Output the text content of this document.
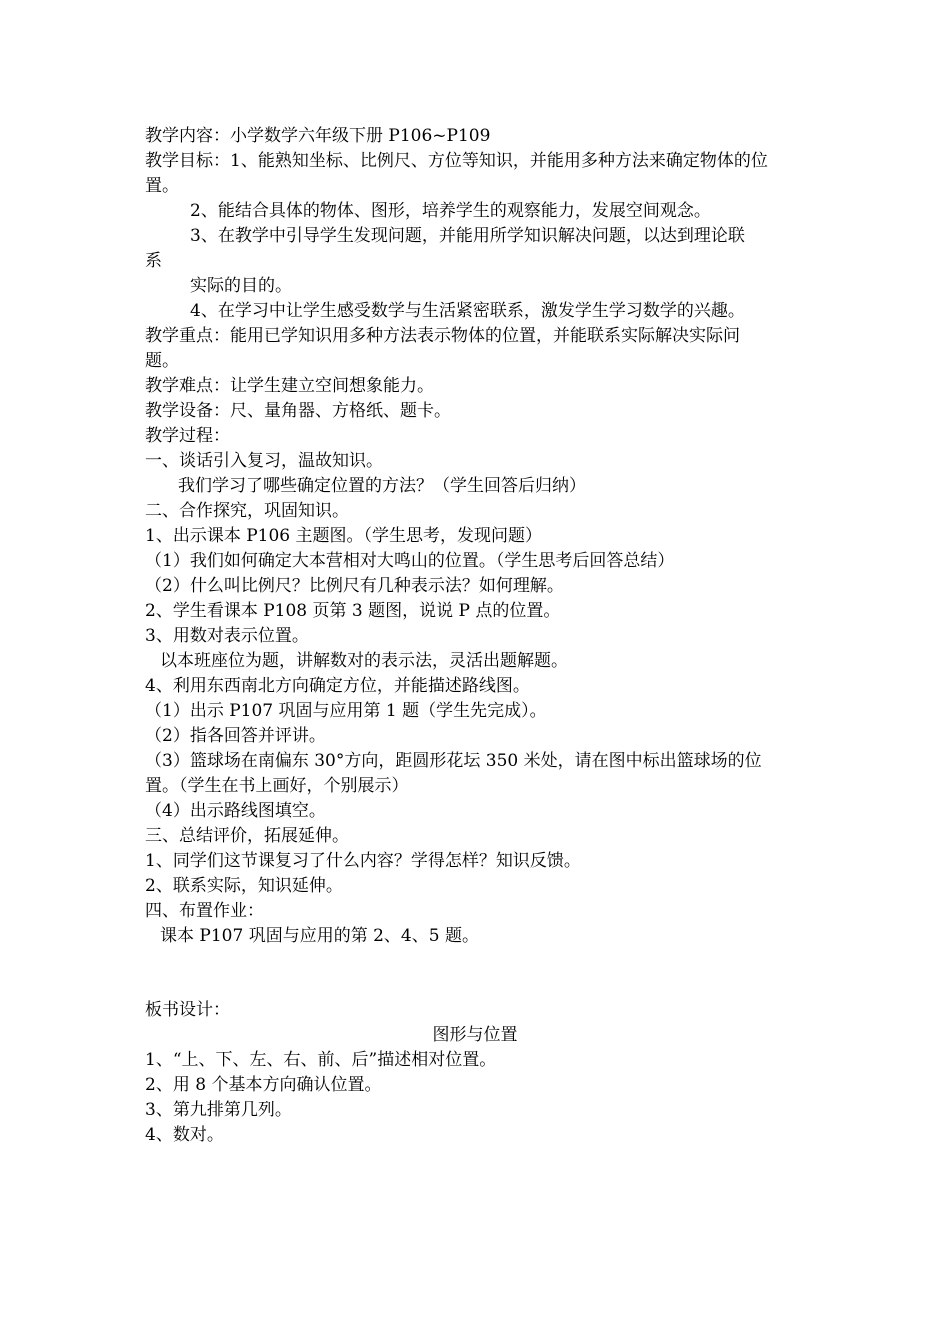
教学内容：小学数学六年级下册 P106~P109
教学目标：1、能熟知坐标、比例尺、方位等知识，并能用多种方法来确定物体的位
置。
2、能结合具体的物体、图形，培养学生的观察能力，发展空间观念。
3、在教学中引导学生发现问题，并能用所学知识解决问题，以达到理论联
系
实际的目的。
4、在学习中让学生感受数学与生活紧密联系，激发学生学习数学的兴趣。
教学重点：能用已学知识用多种方法表示物体的位置，并能联系实际解决实际问
题。
教学难点：让学生建立空间想象能力。
教学设备：尺、量角器、方格纸、题卡。
教学过程：
一、谈话引入复习，温故知识。
我们学习了哪些确定位置的方法？（学生回答后归纳）
二、合作探究，巩固知识。
1、出示课本 P106 主题图。（学生思考，发现问题）
（1）我们如何确定大本营相对大鸣山的位置。（学生思考后回答总结）
（2）什么叫比例尺？比例尺有几种表示法？如何理解。
2、学生看课本 P108 页第 3 题图，说说 P 点的位置。
3、用数对表示位置。
以本班座位为题，讲解数对的表示法，灵活出题解题。
4、利用东西南北方向确定方位，并能描述路线图。
（1）出示 P107 巩固与应用第 1 题（学生先完成）。
（2）指各回答并评讲。
（3）篮球场在南偏东 30°方向，距圆形花坛 350 米处，请在图中标出篮球场的位
置。（学生在书上画好，个别展示）
（4）出示路线图填空。
三、总结评价，拓展延伸。
1、同学们这节课复习了什么内容？学得怎样？知识反馈。
2、联系实际，知识延伸。
四、布置作业：
课本 P107 巩固与应用的第 2、4、5 题。
板书设计：
图形与位置
1、“上、下、左、右、前、后”描述相对位置。
2、用 8 个基本方向确认位置。
3、第九排第几列。
4、数对。
